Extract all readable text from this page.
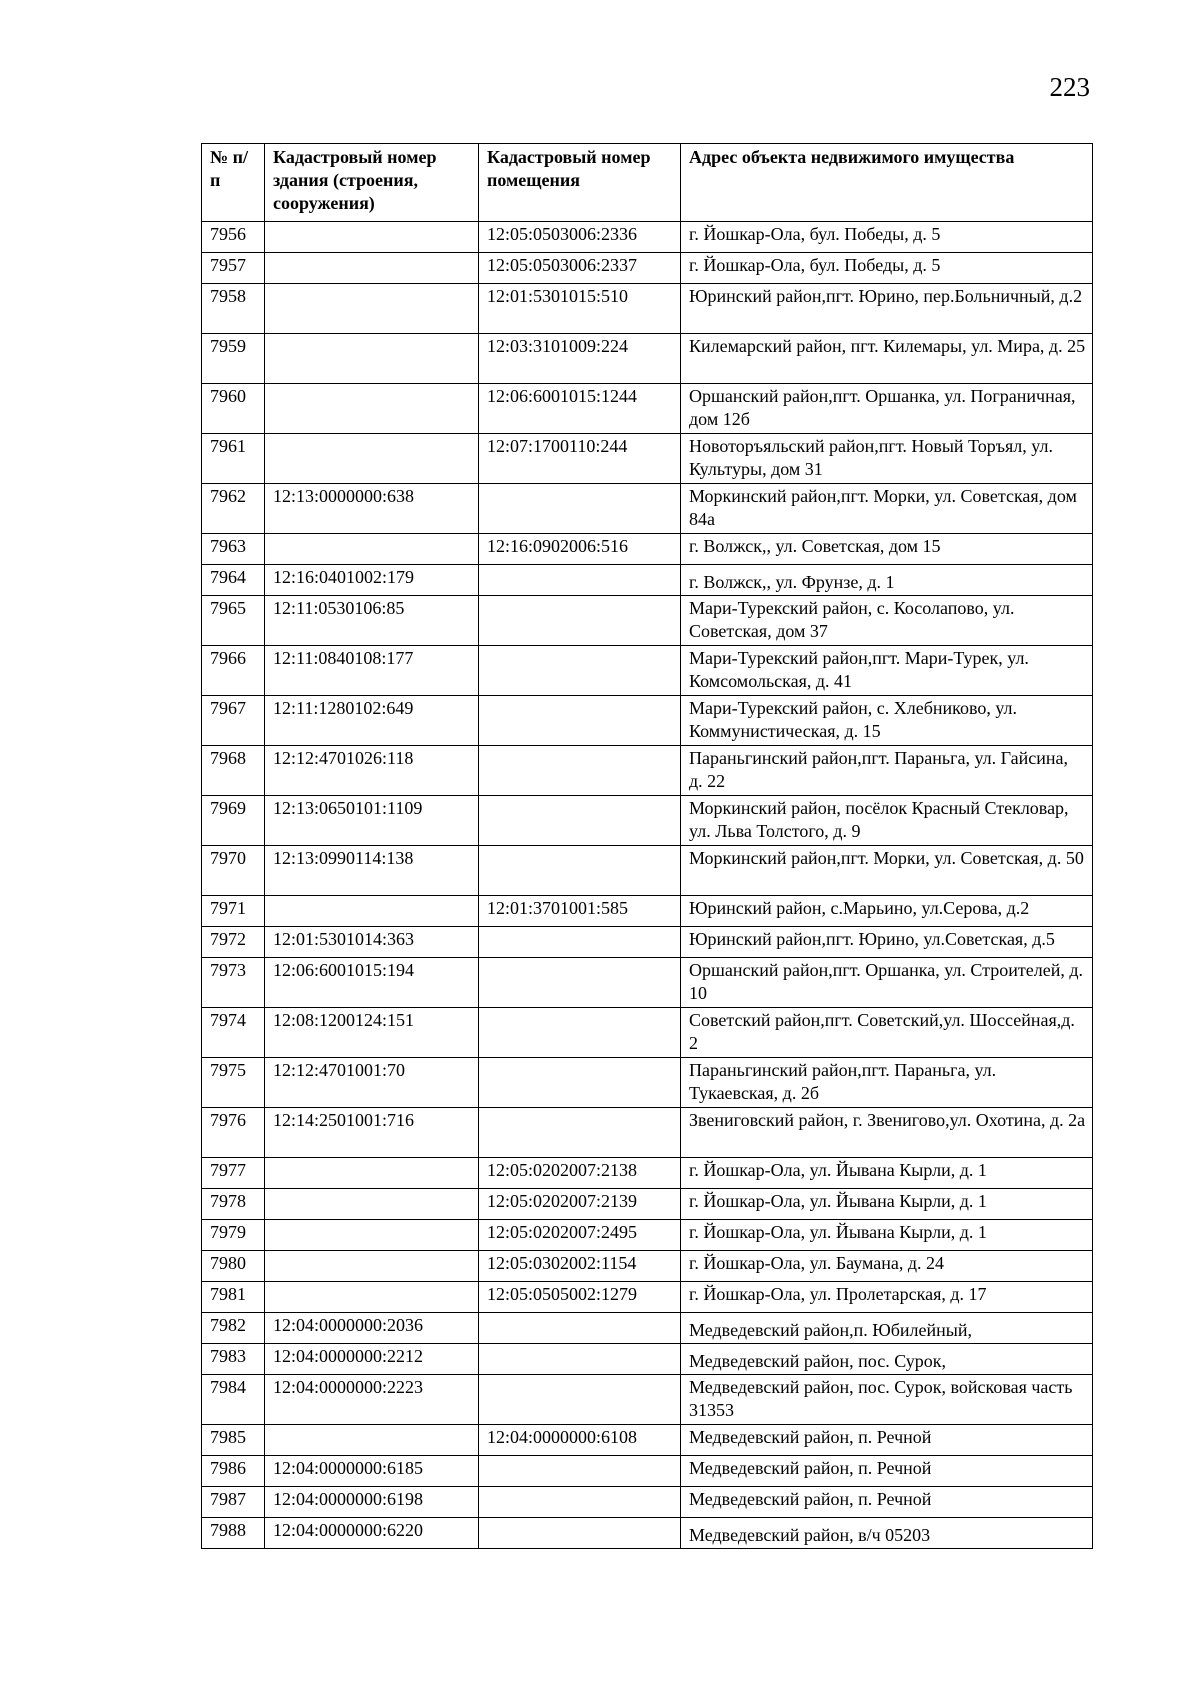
223
№ п/п	Кадастровый номер здания (строения, сооружения)	Кадастровый номер помещения	Адрес объекта недвижимого имущества
7956		12:05:0503006:2336	г. Йошкар-Ола, бул. Победы, д. 5
7957		12:05:0503006:2337	г. Йошкар-Ола, бул. Победы, д. 5
7958		12:01:5301015:510	Юринский район,пгт. Юрино, пер.Больничный, д.2
7959		12:03:3101009:224	Килемарский район, пгт. Килемары, ул. Мира, д. 25
7960		12:06:6001015:1244	Оршанский район,пгт. Оршанка, ул. Пограничная, дом 12б
7961		12:07:1700110:244	Новоторъяльский район,пгт. Новый Торъял, ул. Культуры, дом 31
7962	12:13:0000000:638		Моркинский район,пгт. Морки, ул. Советская, дом 84а
7963		12:16:0902006:516	г. Волжск,, ул. Советская, дом 15
7964	12:16:0401002:179		г. Волжск,, ул. Фрунзе, д. 1
7965	12:11:0530106:85		Мари-Турекский район, с. Косолапово, ул. Советская, дом 37
7966	12:11:0840108:177		Мари-Турекский район,пгт. Мари-Турек, ул. Комсомольская, д. 41
7967	12:11:1280102:649		Мари-Турекский район, с. Хлебниково, ул. Коммунистическая, д. 15
7968	12:12:4701026:118		Параньгинский район,пгт. Параньга, ул. Гайсина, д. 22
7969	12:13:0650101:1109		Моркинский район, посёлок Красный Стекловар, ул. Льва Толстого, д. 9
7970	12:13:0990114:138		Моркинский район,пгт. Морки, ул. Советская, д. 50
7971		12:01:3701001:585	Юринский район, с.Марьино, ул.Серова, д.2
7972	12:01:5301014:363		Юринский район,пгт. Юрино, ул.Советская, д.5
7973	12:06:6001015:194		Оршанский район,пгт. Оршанка, ул. Строителей, д. 10
7974	12:08:1200124:151		Советский район,пгт. Советский,ул. Шоссейная,д. 2
7975	12:12:4701001:70		Параньгинский район,пгт. Параньга, ул. Тукаевская, д. 2б
7976	12:14:2501001:716		Звениговский район, г. Звенигово,ул. Охотина, д. 2а
7977		12:05:0202007:2138	г. Йошкар-Ола, ул. Йывана Кырли, д. 1
7978		12:05:0202007:2139	г. Йошкар-Ола, ул. Йывана Кырли, д. 1
7979		12:05:0202007:2495	г. Йошкар-Ола, ул. Йывана Кырли, д. 1
7980		12:05:0302002:1154	г. Йошкар-Ола, ул. Баумана, д. 24
7981		12:05:0505002:1279	г. Йошкар-Ола, ул. Пролетарская, д. 17
7982	12:04:0000000:2036		Медведевский район,п. Юбилейный,
7983	12:04:0000000:2212		Медведевский район, пос. Сурок,
7984	12:04:0000000:2223		Медведевский район, пос. Сурок, войсковая часть 31353
7985		12:04:0000000:6108	Медведевский район, п. Речной
7986	12:04:0000000:6185		Медведевский район, п. Речной
7987	12:04:0000000:6198		Медведевский район, п. Речной
7988	12:04:0000000:6220		Медведевский район, в/ч 05203
